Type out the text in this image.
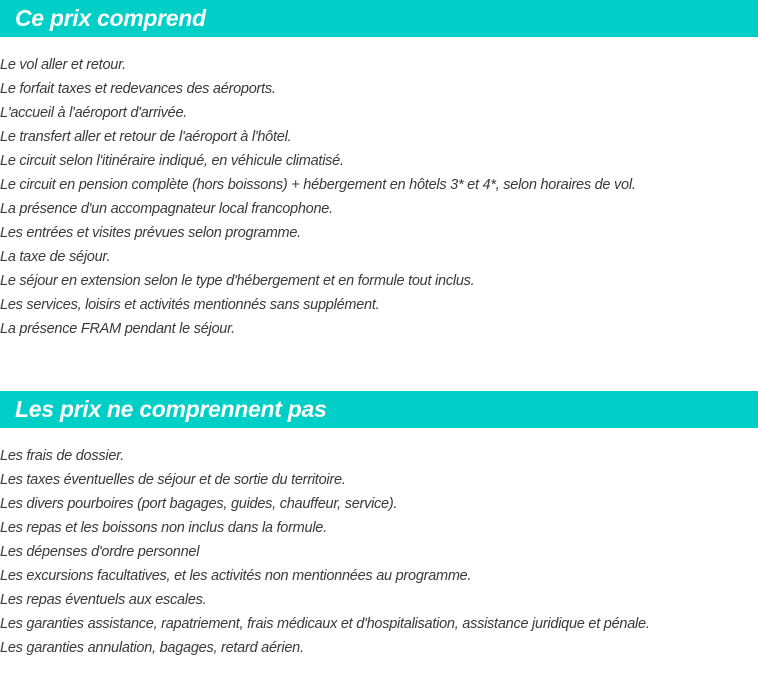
Ce prix comprend
Le vol aller et retour.
Le forfait taxes et redevances des aéroports.
L'accueil à l'aéroport d'arrivée.
Le transfert aller et retour de l'aéroport à l'hôtel.
Le circuit selon l'itinéraire indiqué, en véhicule climatisé.
Le circuit en pension complète (hors boissons) + hébergement en hôtels 3* et 4*, selon horaires de vol.
La présence d'un accompagnateur local francophone.
Les entrées et visites prévues selon programme.
La taxe de séjour.
Le séjour en extension selon le type d'hébergement et en formule tout inclus.
Les services, loisirs et activités mentionnés sans supplément.
La présence FRAM pendant le séjour.
Les prix ne comprennent pas
Les frais de dossier.
Les taxes éventuelles de séjour et de sortie du territoire.
Les divers pourboires (port bagages, guides, chauffeur, service).
Les repas et les boissons non inclus dans la formule.
Les dépenses d'ordre personnel
Les excursions facultatives, et les activités non mentionnées au programme.
Les repas éventuels aux escales.
Les garanties assistance, rapatriement, frais médicaux et d'hospitalisation, assistance juridique et pénale.
Les garanties annulation, bagages, retard aérien.
